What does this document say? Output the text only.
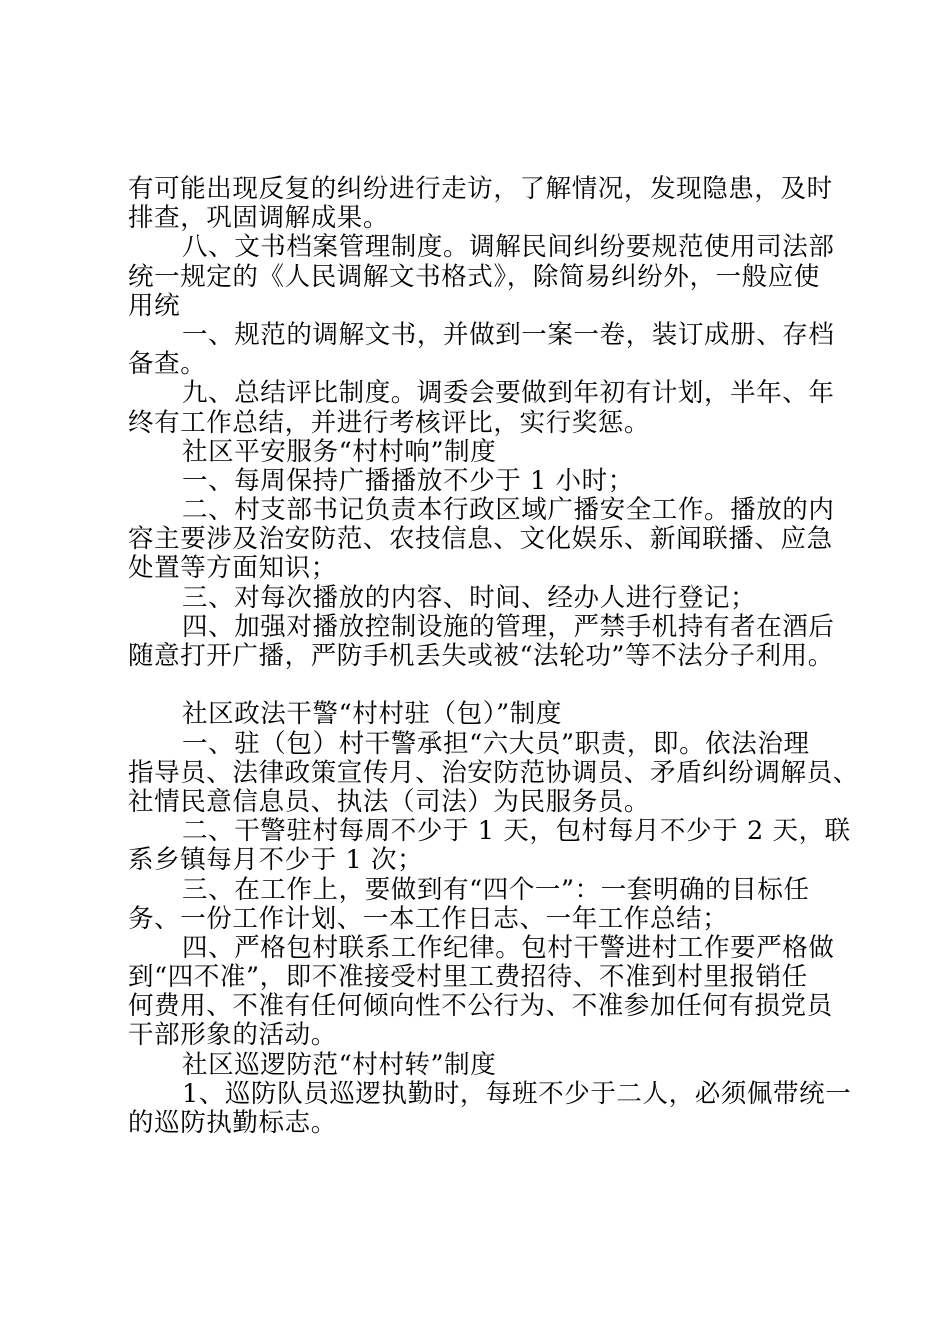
有可能出现反复的纠纷进行走访，了解情况，发现隐患，及时
排查，巩固调解成果。
八、文书档案管理制度。调解民间纠纷要规范使用司法部
统一规定的《人民调解文书格式》，除简易纠纷外，一般应使
用统
一、规范的调解文书，并做到一案一卷，装订成册、存档
备查。
九、总结评比制度。调委会要做到年初有计划，半年、年
终有工作总结，并进行考核评比，实行奖惩。
社区平安服务“村村响”制度
一、每周保持广播播放不少于 1 小时；
二、村支部书记负责本行政区域广播安全工作。播放的内
容主要涉及治安防范、农技信息、文化娱乐、新闻联播、应急
处置等方面知识；
三、对每次播放的内容、时间、经办人进行登记；
四、加强对播放控制设施的管理，严禁手机持有者在酒后
随意打开广播，严防手机丢失或被“法轮功”等不法分子利用。
社区政法干警“村村驻（包）”制度
一、驻（包）村干警承担“六大员”职责，即。依法治理
指导员、法律政策宣传月、治安防范协调员、矛盾纠纷调解员、
社情民意信息员、执法（司法）为民服务员。
二、干警驻村每周不少于 1 天，包村每月不少于 2 天，联
系乡镇每月不少于 1 次；
三、在工作上，要做到有“四个一”：一套明确的目标任
务、一份工作计划、一本工作日志、一年工作总结；
四、严格包村联系工作纪律。包村干警进村工作要严格做
到“四不准”，即不准接受村里工费招待、不准到村里报销任
何费用、不准有任何倾向性不公行为、不准参加任何有损党员
干部形象的活动。
社区巡逻防范“村村转”制度
1、巡防队员巡逻执勤时，每班不少于二人，必须佩带统一
的巡防执勤标志。
